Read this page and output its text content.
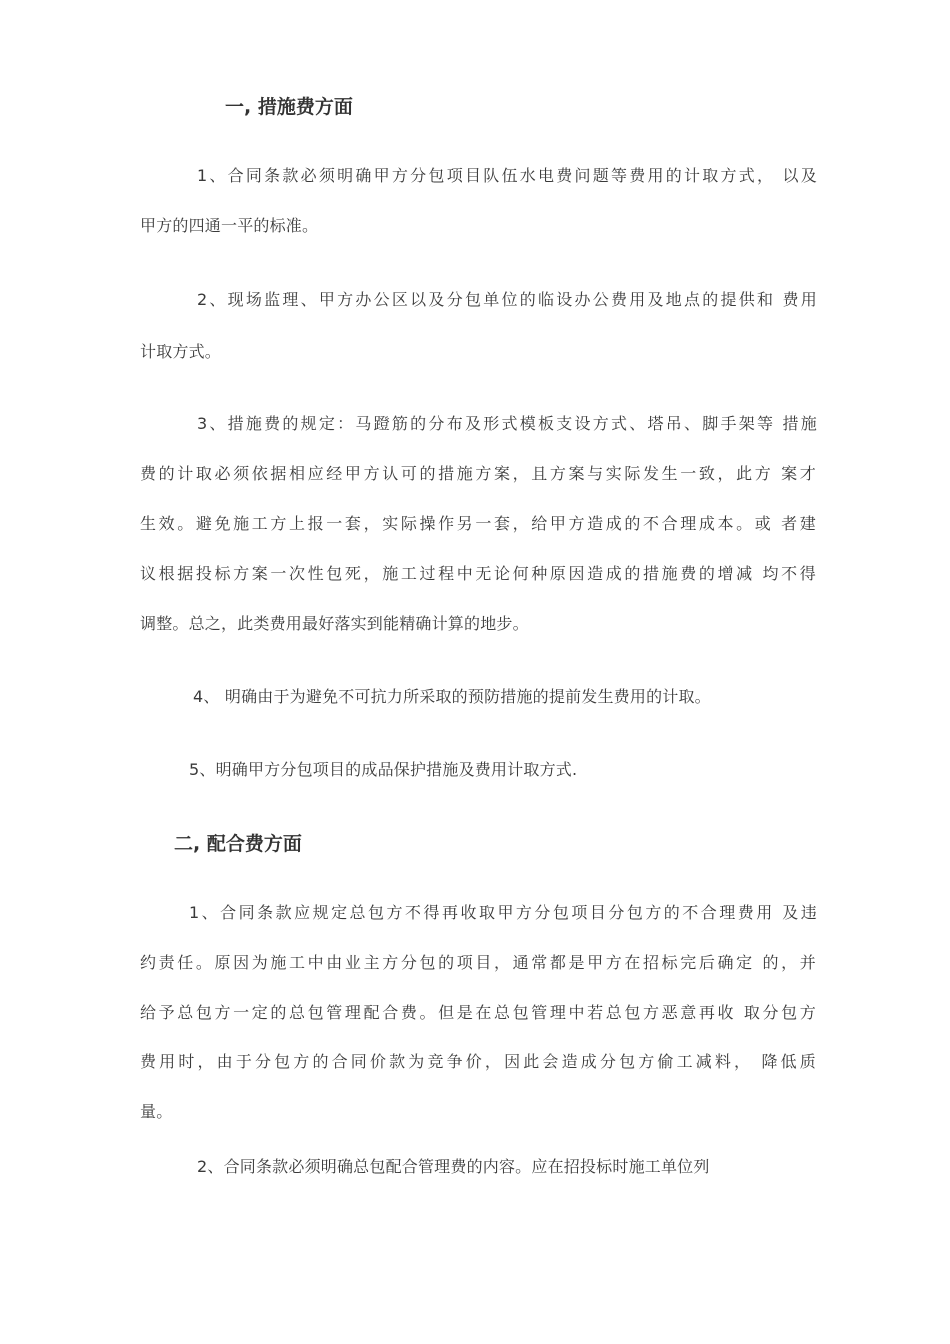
一, 措施费方面
1、合同条款必须明确甲方分包项目队伍水电费问题等费用的计取方式， 以及
甲方的四通一平的标准。
2、现场监理、甲方办公区以及分包单位的临设办公费用及地点的提供和 费用
计取方式。
3、措施费的规定：马蹬筋的分布及形式模板支设方式、塔吊、脚手架等 措施
费的计取必须依据相应经甲方认可的措施方案，且方案与实际发生一致，此方 案才
生效。避免施工方上报一套，实际操作另一套，给甲方造成的不合理成本。或 者建
议根据投标方案一次性包死，施工过程中无论何种原因造成的措施费的增减 均不得
调整。总之，此类费用最好落实到能精确计算的地步。
4、 明确由于为避免不可抗力所采取的预防措施的提前发生费用的计取。
5、明确甲方分包项目的成品保护措施及费用计取方式.
二, 配合费方面
1、合同条款应规定总包方不得再收取甲方分包项目分包方的不合理费用 及违
约责任。原因为施工中由业主方分包的项目，通常都是甲方在招标完后确定 的，并
给予总包方一定的总包管理配合费。但是在总包管理中若总包方恶意再收 取分包方
费用时，由于分包方的合同价款为竞争价，因此会造成分包方偷工减料， 降低质
量。
2、合同条款必须明确总包配合管理费的内容。应在招投标时施工单位列
